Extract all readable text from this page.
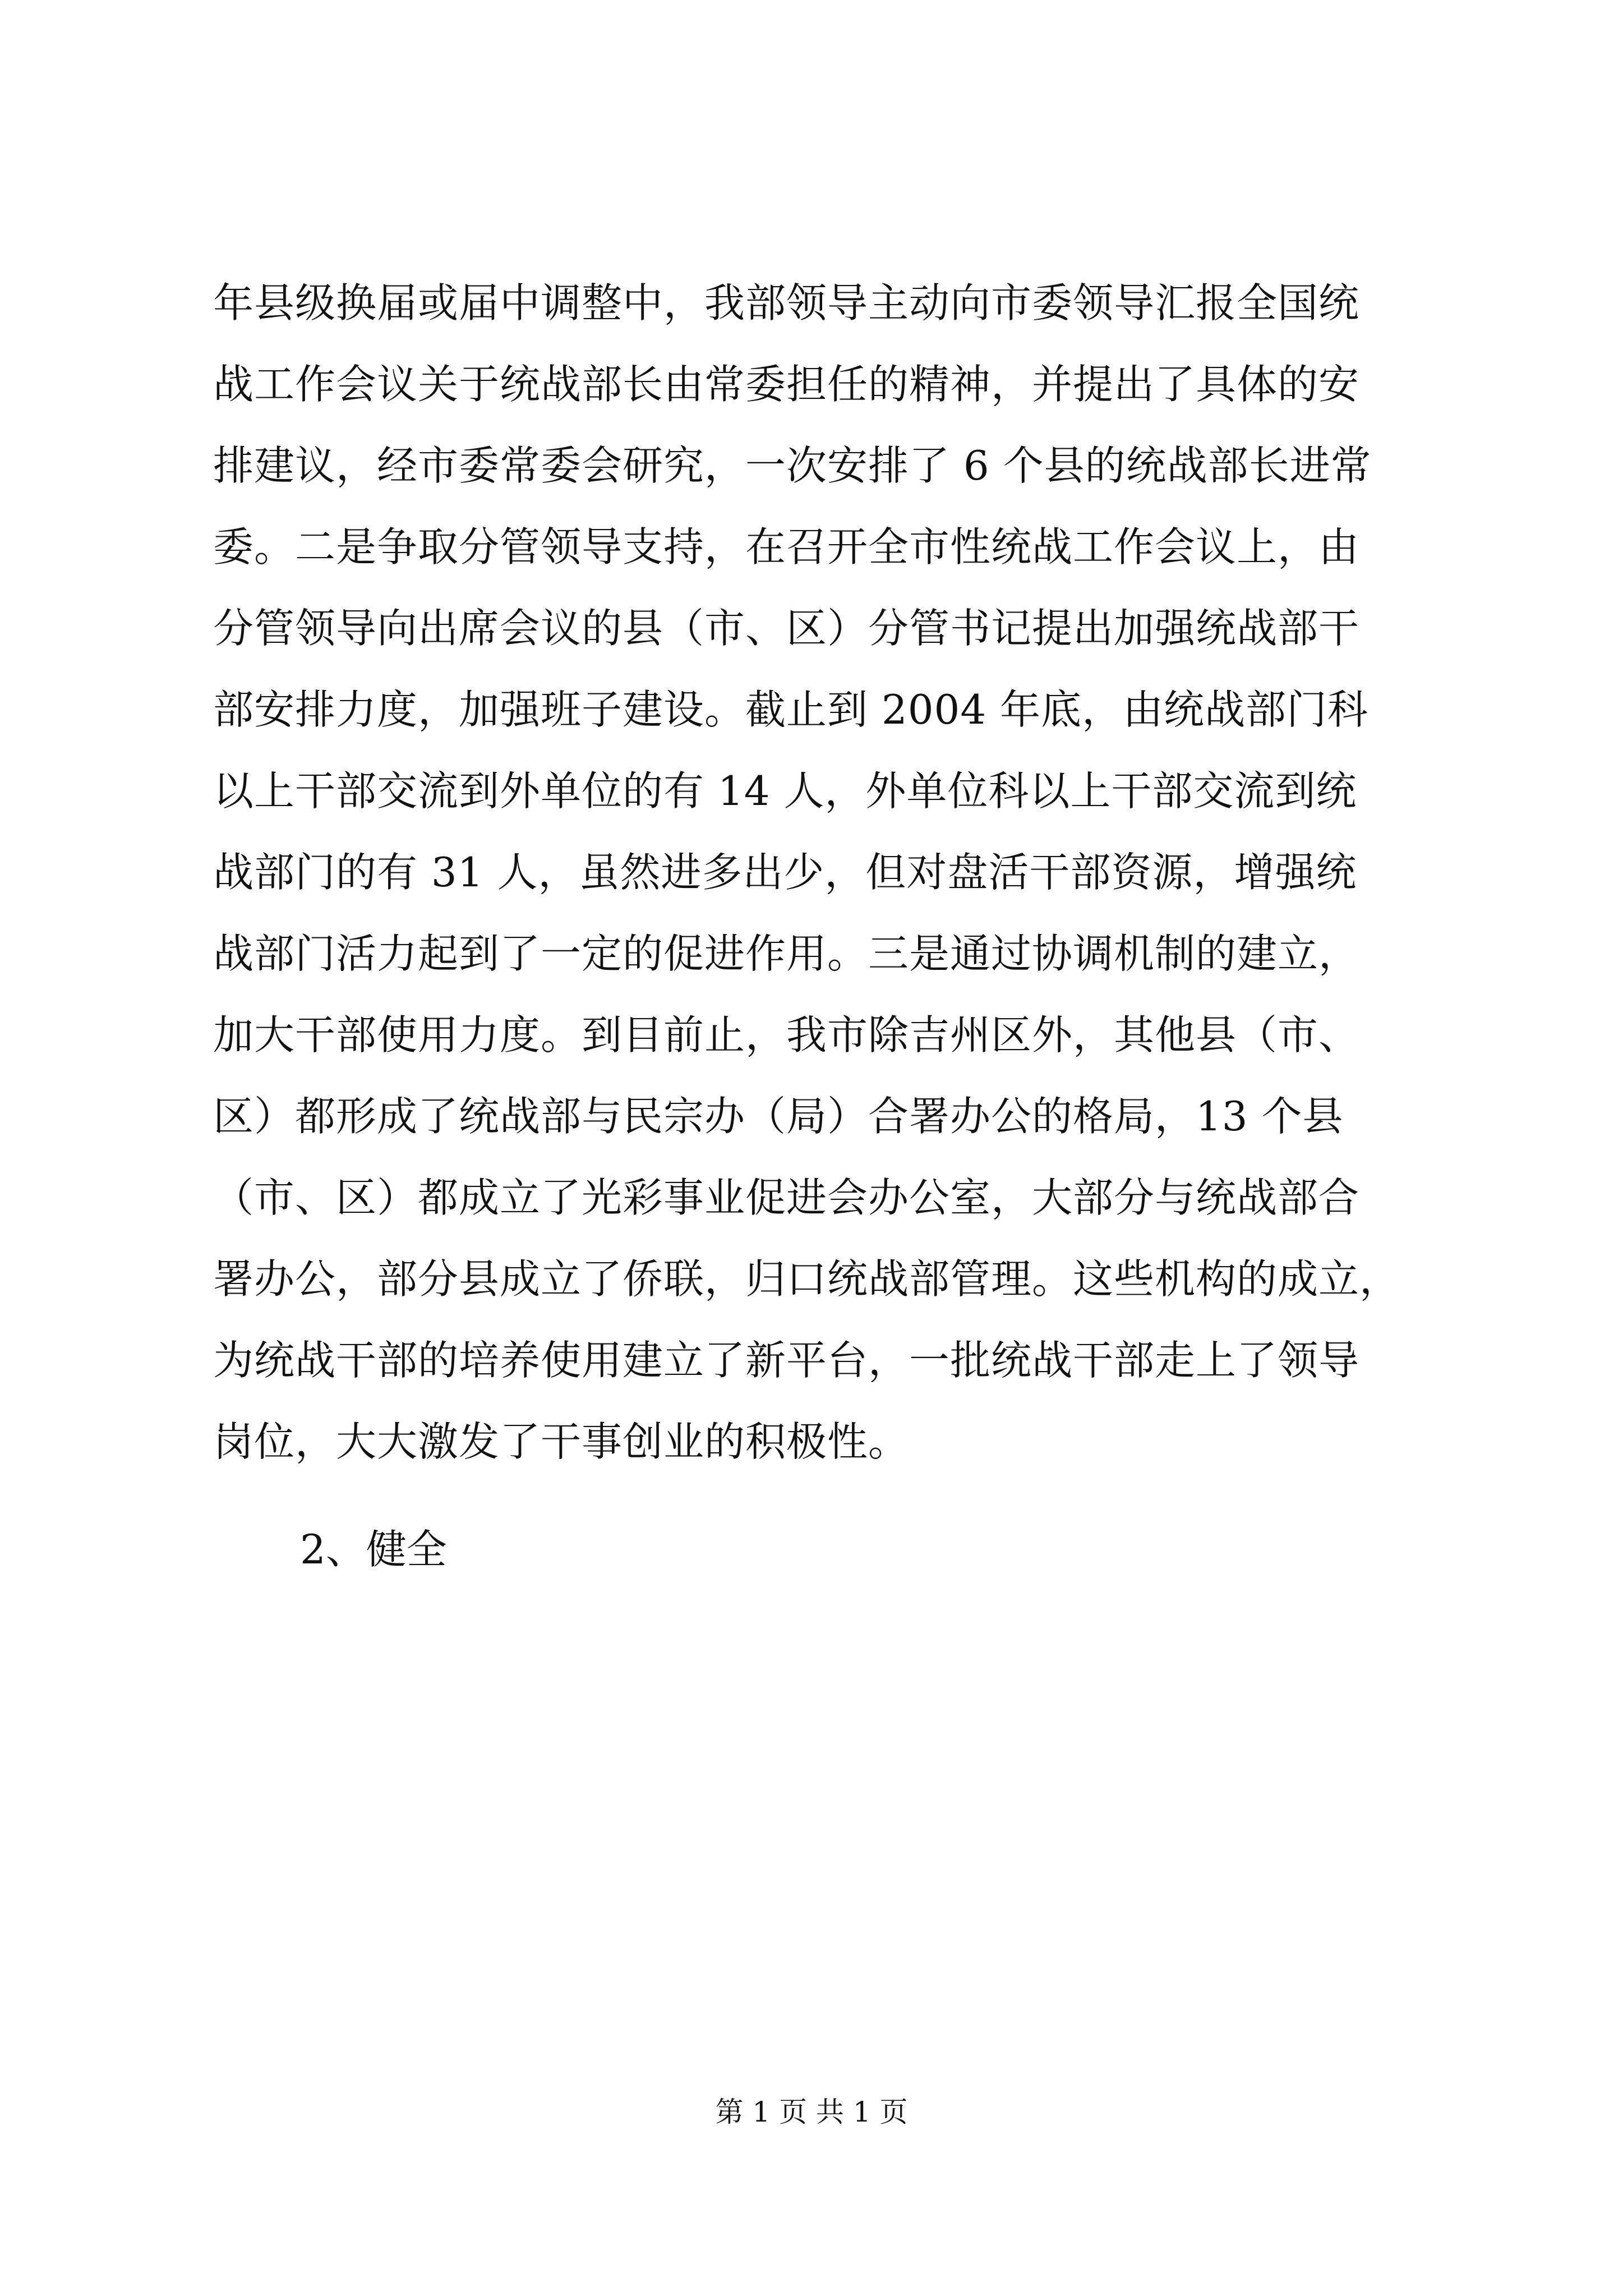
年县级换届或届中调整中，我部领导主动向市委领导汇报全国统
战工作会议关于统战部长由常委担任的精神，并提出了具体的安
排建议，经市委常委会研究，一次安排了 6 个县的统战部长进常
委。二是争取分管领导支持，在召开全市性统战工作会议上，由
分管领导向出席会议的县（市、区）分管书记提出加强统战部干
部安排力度，加强班子建设。截止到 2004 年底，由统战部门科
以上干部交流到外单位的有 14 人，外单位科以上干部交流到统
战部门的有 31 人，虽然进多出少，但对盘活干部资源，增强统
战部门活力起到了一定的促进作用。三是通过协调机制的建立，
加大干部使用力度。到目前止，我市除吉州区外，其他县（市、
区）都形成了统战部与民宗办（局）合署办公的格局，13 个县
（市、区）都成立了光彩事业促进会办公室，大部分与统战部合
署办公，部分县成立了侨联，归口统战部管理。这些机构的成立，
为统战干部的培养使用建立了新平台，一批统战干部走上了领导
岗位，大大激发了干事创业的积极性。
2、健全
第 1 页 共 1 页
